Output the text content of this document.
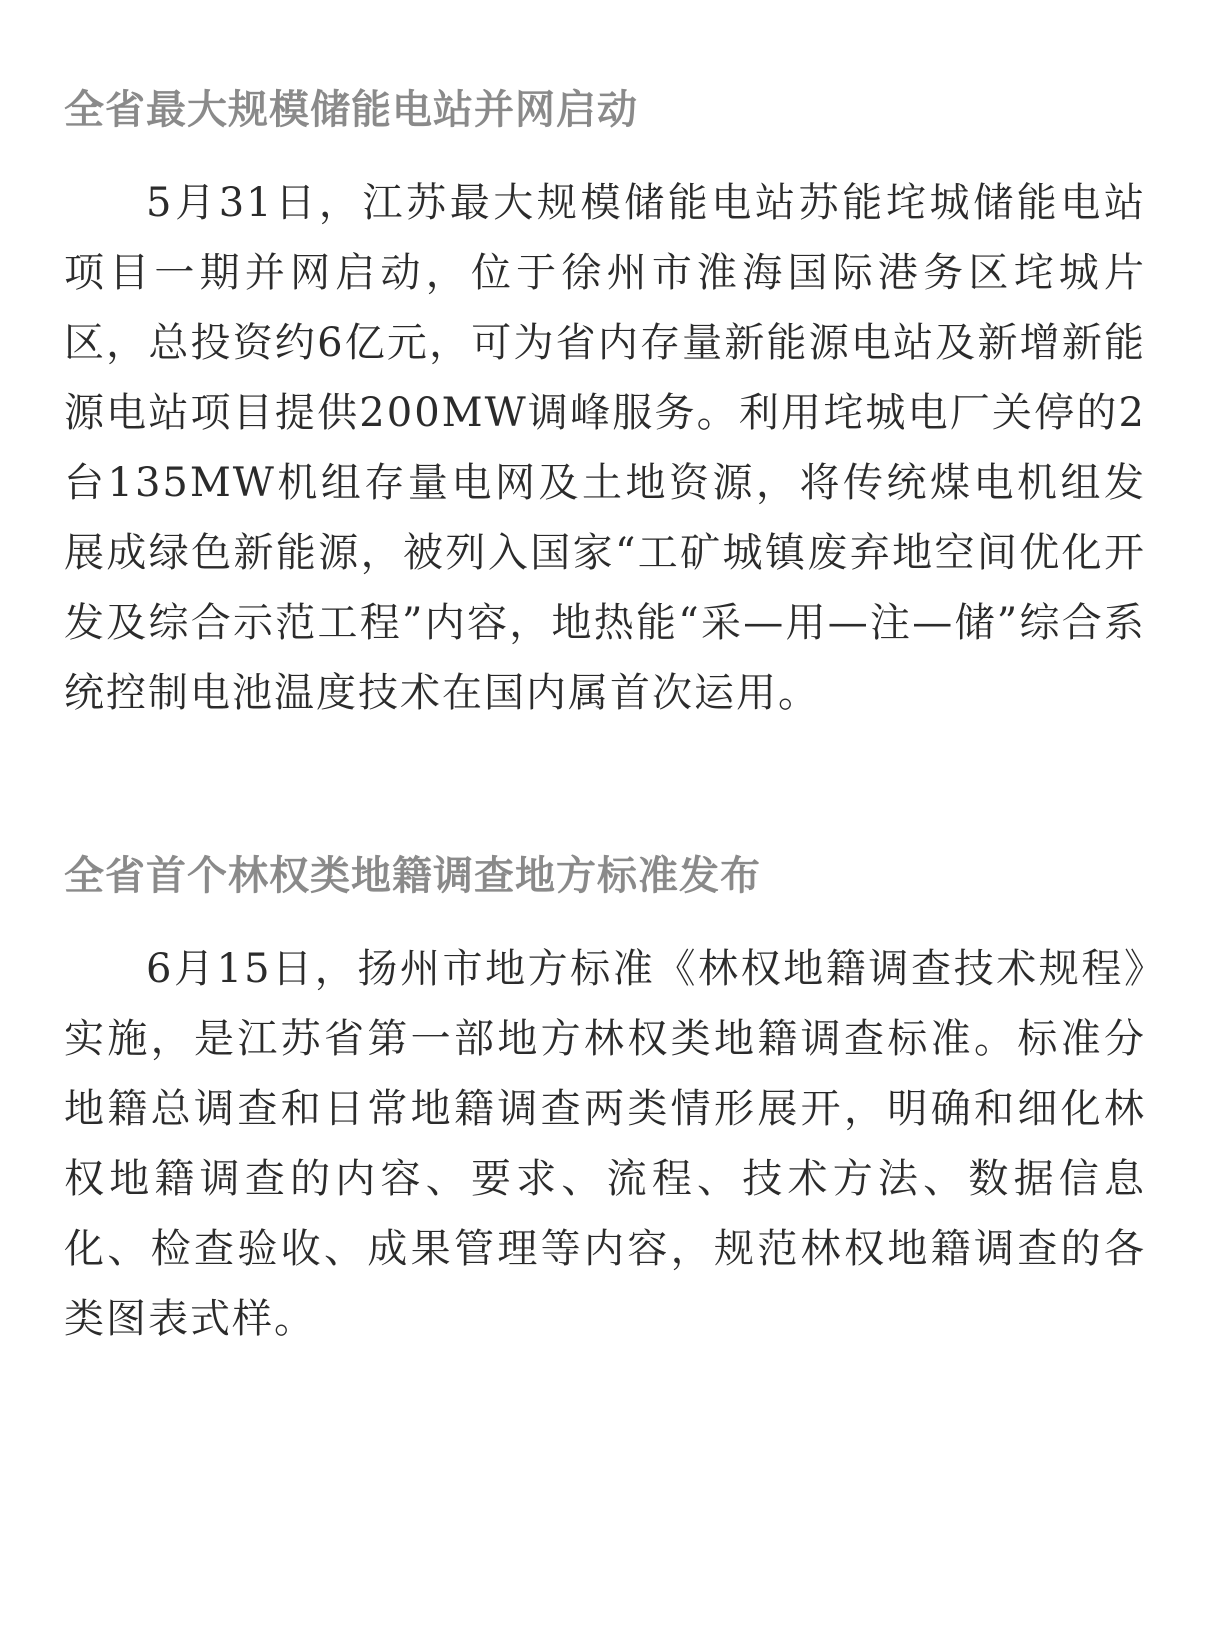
全省最大规模储能电站并网启动

5月31日，江苏最大规模储能电站苏能垞城储能电站项目一期并网启动，位于徐州市淮海国际港务区垞城片区，总投资约6亿元，可为省内存量新能源电站及新增新能源电站项目提供200MW调峰服务。利用垞城电厂关停的2台135MW机组存量电网及土地资源，将传统煤电机组发展成绿色新能源，被列入国家“工矿城镇废弃地空间优化开发及综合示范工程”内容，地热能“采—用—注—储”综合系统控制电池温度技术在国内属首次运用。

全省首个林权类地籍调查地方标准发布

6月15日，扬州市地方标准《林权地籍调查技术规程》实施，是江苏省第一部地方林权类地籍调查标准。标准分地籍总调查和日常地籍调查两类情形展开，明确和细化林权地籍调查的内容、要求、流程、技术方法、数据信息化、检查验收、成果管理等内容，规范林权地籍调查的各类图表式样。
